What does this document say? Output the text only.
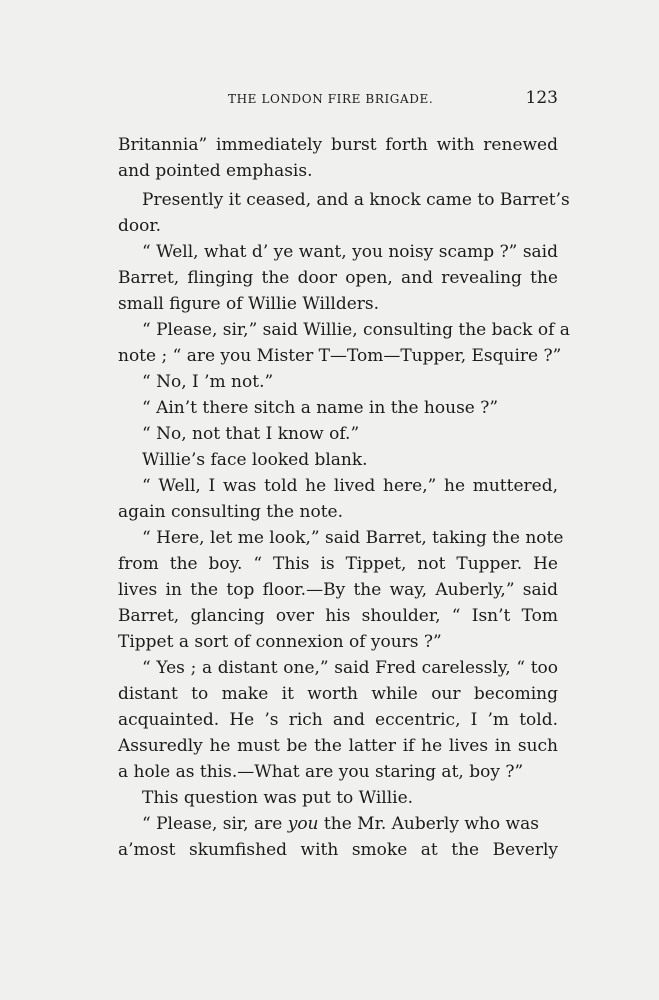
THE LONDON FIRE BRIGADE.	123
Britannia” immediately burst forth with renewed
and pointed emphasis.
Presently it ceased, and a knock came to Barret’s
door.
“ Well, what d’ ye want, you noisy scamp ?” said
Barret, flinging the door open, and revealing the
small figure of Willie Willders.
“ Please, sir,” said Willie, consulting the back of a
note ; “ are you Mister T—Tom—Tupper, Esquire ?”
“ No, I ’m not.”
“ Ain’t there sitch a name in the house ?”
“ No, not that I know of.”
Willie’s face looked blank.
“ Well, I was told he lived here,” he muttered,
again consulting the note.
“ Here, let me look,” said Barret, taking the note
from the boy. “ This is Tippet, not Tupper. He
lives in the top floor.—By the way, Auberly,” said
Barret, glancing over his shoulder, “ Isn’t Tom
Tippet a sort of connexion of yours ?”
“ Yes ; a distant one,” said Fred carelessly, “ too
distant to make it worth while our becoming
acquainted. He ’s rich and eccentric, I ’m told.
Assuredly he must be the latter if he lives in such
a hole as this.—What are you staring at, boy ?”
This question was put to Willie.
“ Please, sir, are you the Mr. Auberly who was
a’most skumfished with smoke at the Beverly
